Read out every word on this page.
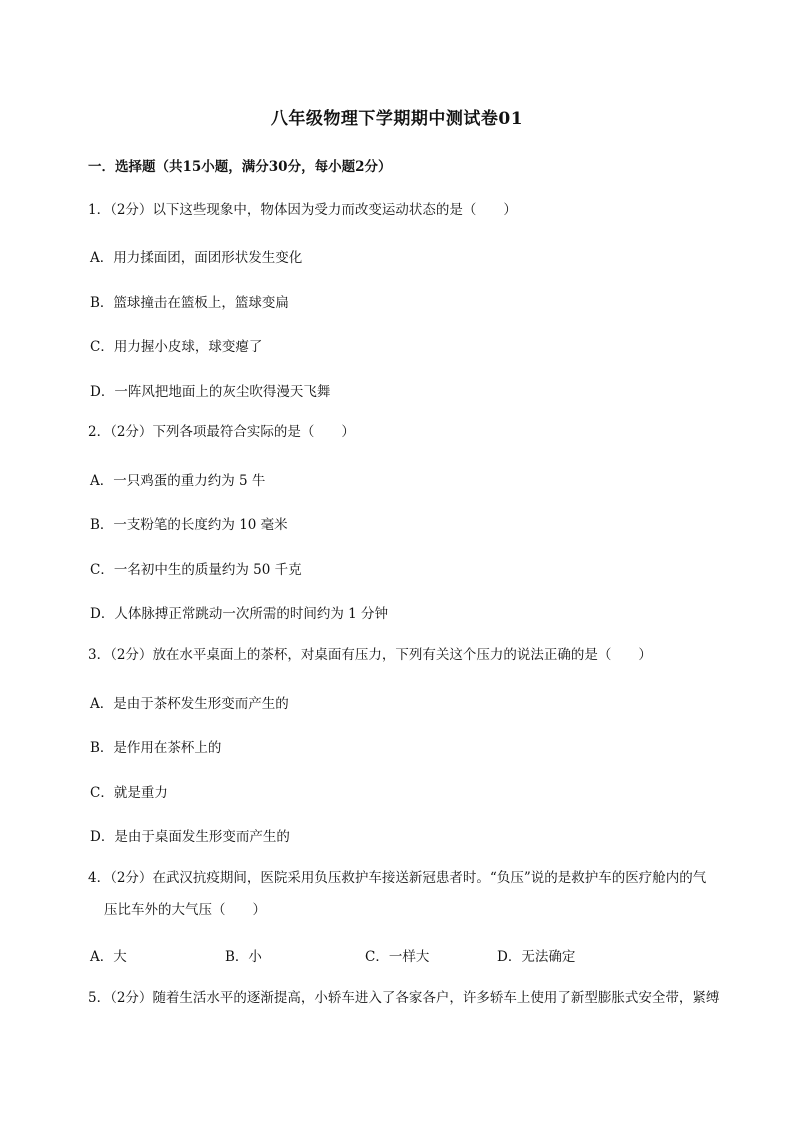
八年级物理下学期期中测试卷01
一．选择题（共15小题，满分30分，每小题2分）
1．（2分）以下这些现象中，物体因为受力而改变运动状态的是（　　）
A．用力揉面团，面团形状发生变化
B．篮球撞击在篮板上，篮球变扁
C．用力握小皮球，球变瘪了
D．一阵风把地面上的灰尘吹得漫天飞舞
2．（2分）下列各项最符合实际的是（　　）
A．一只鸡蛋的重力约为 5 牛
B．一支粉笔的长度约为 10 毫米
C．一名初中生的质量约为 50 千克
D．人体脉搏正常跳动一次所需的时间约为 1 分钟
3．（2分）放在水平桌面上的茶杯，对桌面有压力，下列有关这个压力的说法正确的是（　　）
A．是由于茶杯发生形变而产生的
B．是作用在茶杯上的
C．就是重力
D．是由于桌面发生形变而产生的
4．（2分）在武汉抗疫期间，医院采用负压救护车接送新冠患者时。“负压”说的是救护车的医疗舱内的气
压比车外的大气压（　　）
A．大	B．小	C．一样大	D．无法确定
5．（2分）随着生活水平的逐渐提高，小轿车进入了各家各户，许多轿车上使用了新型膨胀式安全带，紧缚
